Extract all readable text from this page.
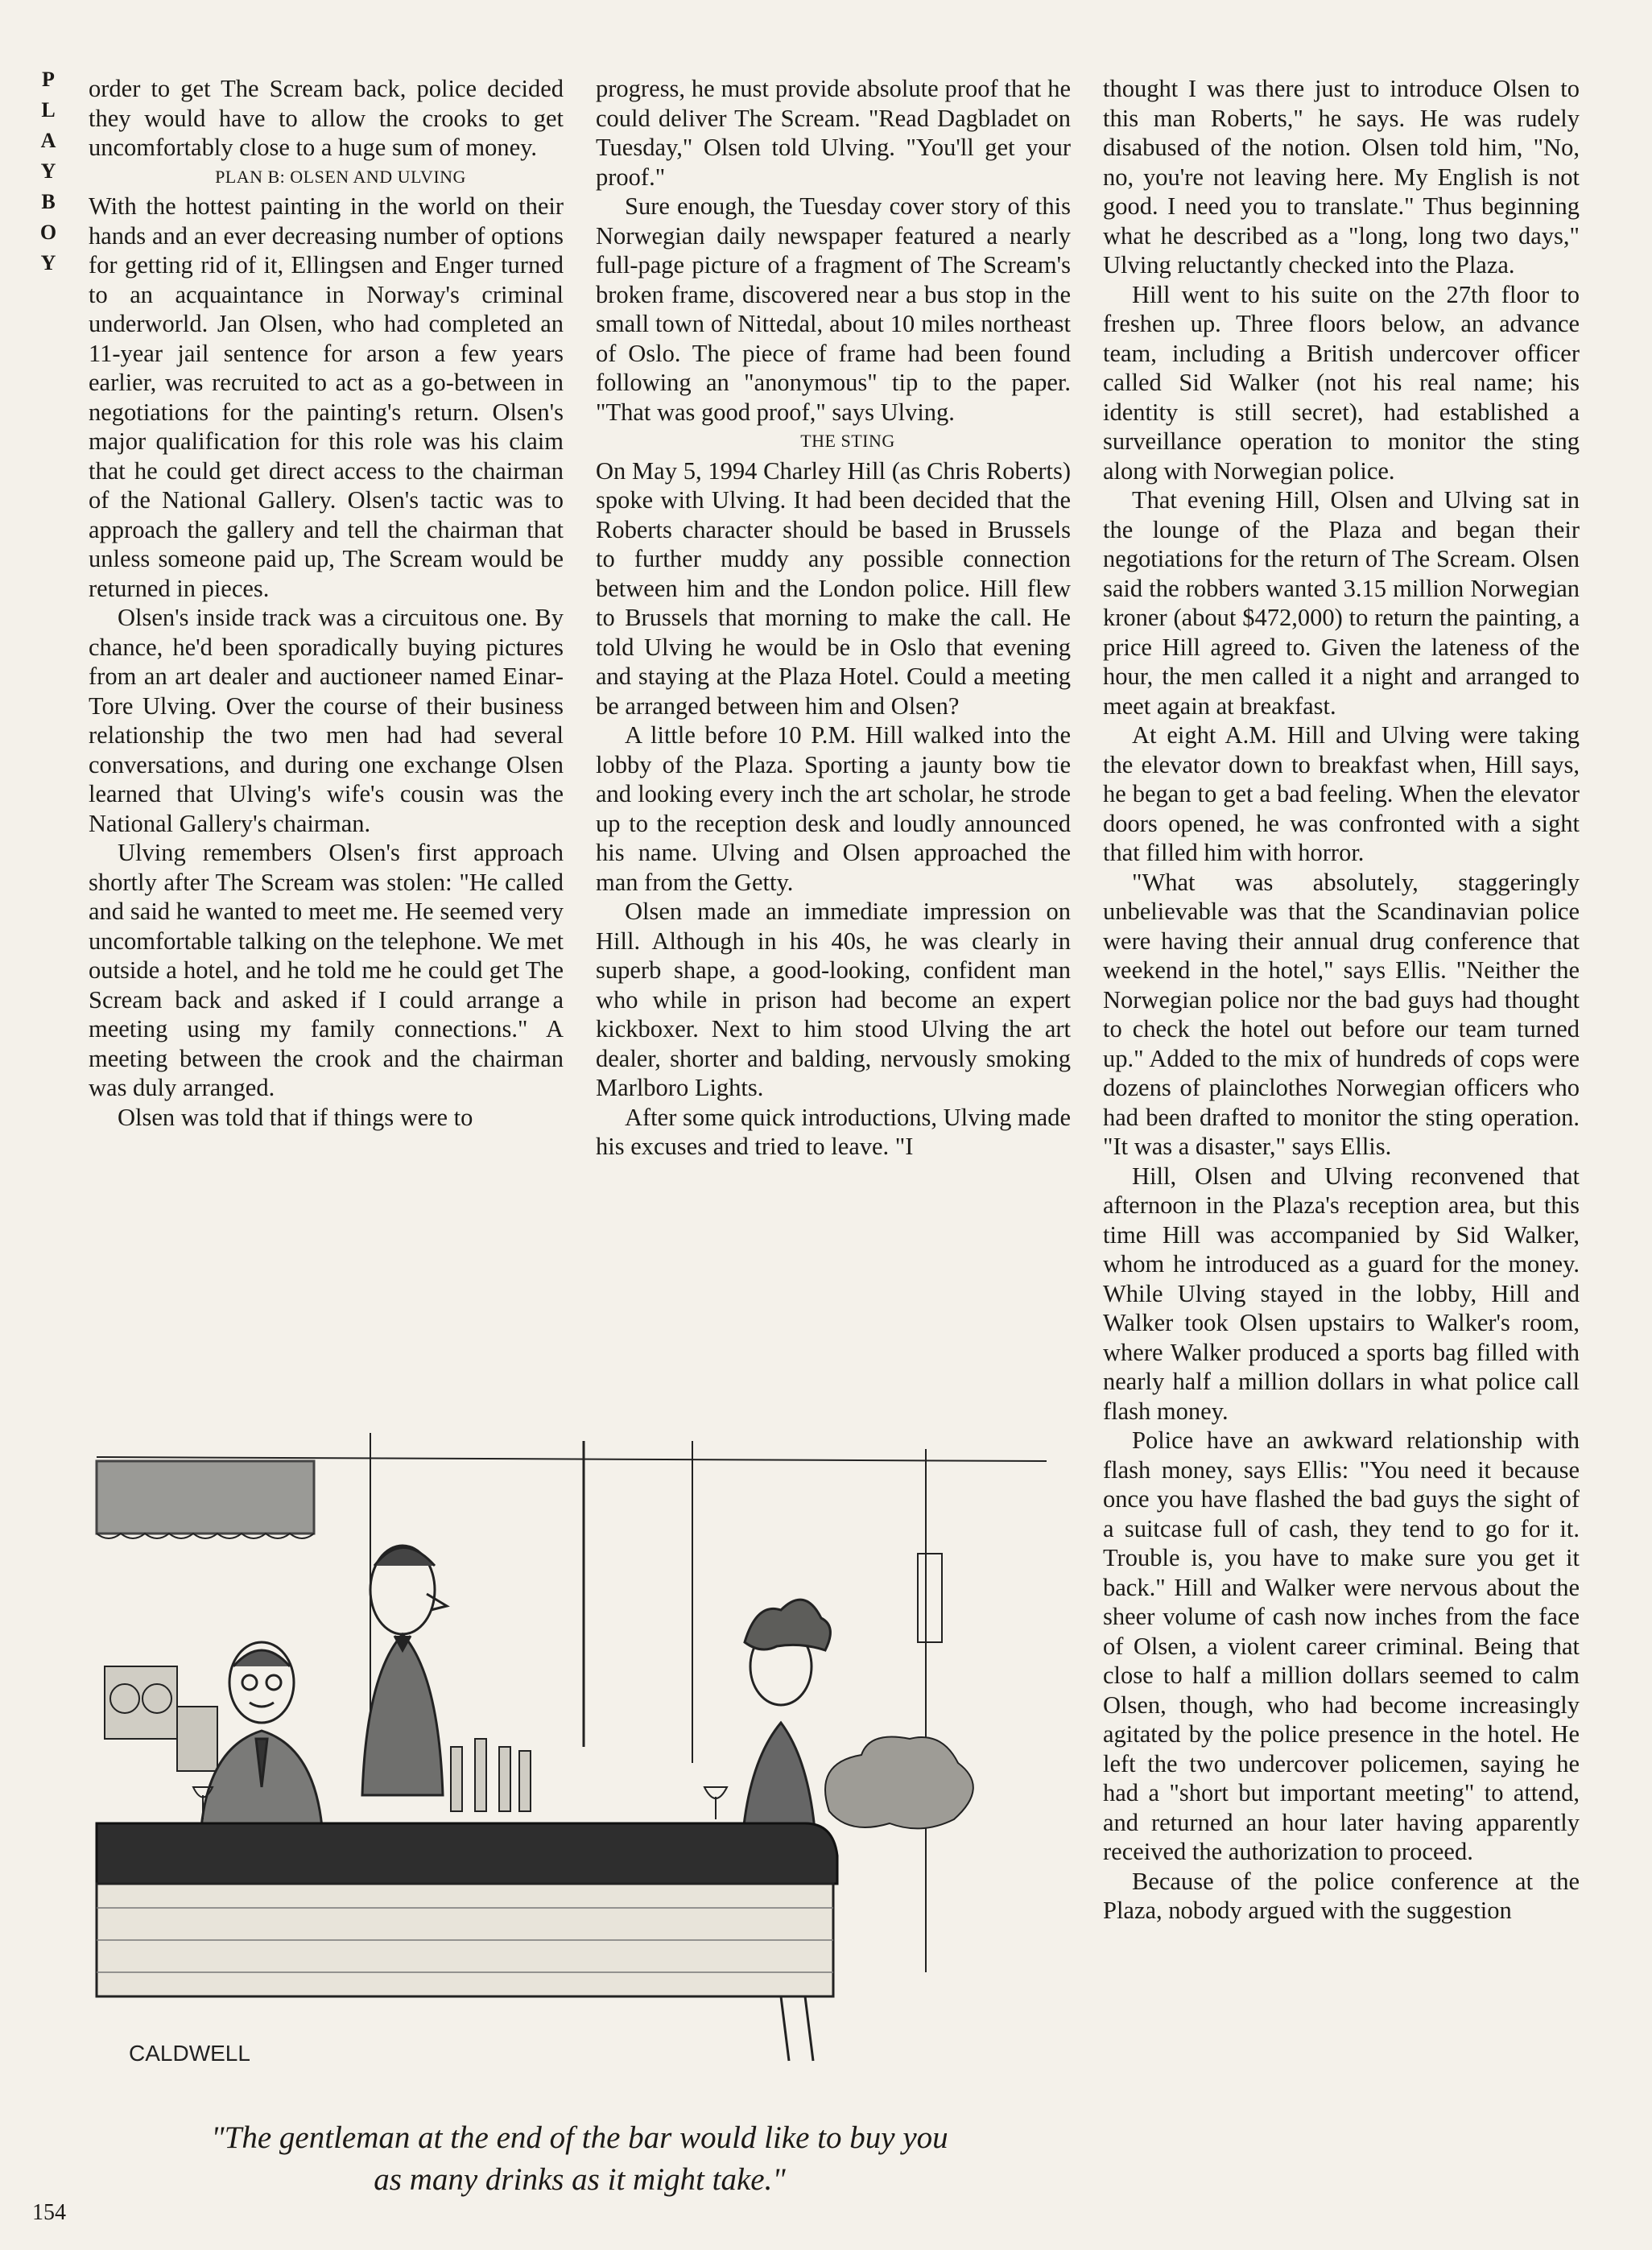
P
L
A
Y
B
O
Y

order to get The Scream back, police decided they would have to allow the crooks to get uncomfortably close to a huge sum of money.

PLAN B: OLSEN AND ULVING

With the hottest painting in the world on their hands and an ever decreasing number of options for getting rid of it, Ellingsen and Enger turned to an acquaintance in Norway's criminal underworld. Jan Olsen, who had completed an 11-year jail sentence for arson a few years earlier, was recruited to act as a go-between in negotiations for the painting's return. Olsen's major qualification for this role was his claim that he could get direct access to the chairman of the National Gallery. Olsen's tactic was to approach the gallery and tell the chairman that unless someone paid up, The Scream would be returned in pieces.

Olsen's inside track was a circuitous one. By chance, he'd been sporadically buying pictures from an art dealer and auctioneer named Einar-Tore Ulving. Over the course of their business relationship the two men had had several conversations, and during one exchange Olsen learned that Ulving's wife's cousin was the National Gallery's chairman.

Ulving remembers Olsen's first approach shortly after The Scream was stolen: "He called and said he wanted to meet me. He seemed very uncomfortable talking on the telephone. We met outside a hotel, and he told me he could get The Scream back and asked if I could arrange a meeting using my family connections." A meeting between the crook and the chairman was duly arranged.

Olsen was told that if things were to

progress, he must provide absolute proof that he could deliver The Scream. "Read Dagbladet on Tuesday," Olsen told Ulving. "You'll get your proof."

Sure enough, the Tuesday cover story of this Norwegian daily newspaper featured a nearly full-page picture of a fragment of The Scream's broken frame, discovered near a bus stop in the small town of Nittedal, about 10 miles northeast of Oslo. The piece of frame had been found following an "anonymous" tip to the paper. "That was good proof," says Ulving.

THE STING

On May 5, 1994 Charley Hill (as Chris Roberts) spoke with Ulving. It had been decided that the Roberts character should be based in Brussels to further muddy any possible connection between him and the London police. Hill flew to Brussels that morning to make the call. He told Ulving he would be in Oslo that evening and staying at the Plaza Hotel. Could a meeting be arranged between him and Olsen?

A little before 10 P.M. Hill walked into the lobby of the Plaza. Sporting a jaunty bow tie and looking every inch the art scholar, he strode up to the reception desk and loudly announced his name. Ulving and Olsen approached the man from the Getty.

Olsen made an immediate impression on Hill. Although in his 40s, he was clearly in superb shape, a good-looking, confident man who while in prison had become an expert kickboxer. Next to him stood Ulving the art dealer, shorter and balding, nervously smoking Marlboro Lights.

After some quick introductions, Ulving made his excuses and tried to leave. "I

thought I was there just to introduce Olsen to this man Roberts," he says. He was rudely disabused of the notion. Olsen told him, "No, no, you're not leaving here. My English is not good. I need you to translate." Thus beginning what he described as a "long, long two days," Ulving reluctantly checked into the Plaza.

Hill went to his suite on the 27th floor to freshen up. Three floors below, an advance team, including a British undercover officer called Sid Walker (not his real name; his identity is still secret), had established a surveillance operation to monitor the sting along with Norwegian police.

That evening Hill, Olsen and Ulving sat in the lounge of the Plaza and began their negotiations for the return of The Scream. Olsen said the robbers wanted 3.15 million Norwegian kroner (about $472,000) to return the painting, a price Hill agreed to. Given the lateness of the hour, the men called it a night and arranged to meet again at breakfast.

At eight A.M. Hill and Ulving were taking the elevator down to breakfast when, Hill says, he began to get a bad feeling. When the elevator doors opened, he was confronted with a sight that filled him with horror.

"What was absolutely, staggeringly unbelievable was that the Scandinavian police were having their annual drug conference that weekend in the hotel," says Ellis. "Neither the Norwegian police nor the bad guys had thought to check the hotel out before our team turned up." Added to the mix of hundreds of cops were dozens of plainclothes Norwegian officers who had been drafted to monitor the sting operation. "It was a disaster," says Ellis.

Hill, Olsen and Ulving reconvened that afternoon in the Plaza's reception area, but this time Hill was accompanied by Sid Walker, whom he introduced as a guard for the money. While Ulving stayed in the lobby, Hill and Walker took Olsen upstairs to Walker's room, where Walker produced a sports bag filled with nearly half a million dollars in what police call flash money.

Police have an awkward relationship with flash money, says Ellis: "You need it because once you have flashed the bad guys the sight of a suitcase full of cash, they tend to go for it. Trouble is, you have to make sure you get it back." Hill and Walker were nervous about the sheer volume of cash now inches from the face of Olsen, a violent career criminal. Being that close to half a million dollars seemed to calm Olsen, though, who had become increasingly agitated by the police presence in the hotel. He left the two undercover policemen, saying he had a "short but important meeting" to attend, and returned an hour later having apparently received the authorization to proceed.

Because of the police conference at the Plaza, nobody argued with the suggestion

CALDWELL
"The gentleman at the end of the bar would like to buy you
as many drinks as it might take."
154
